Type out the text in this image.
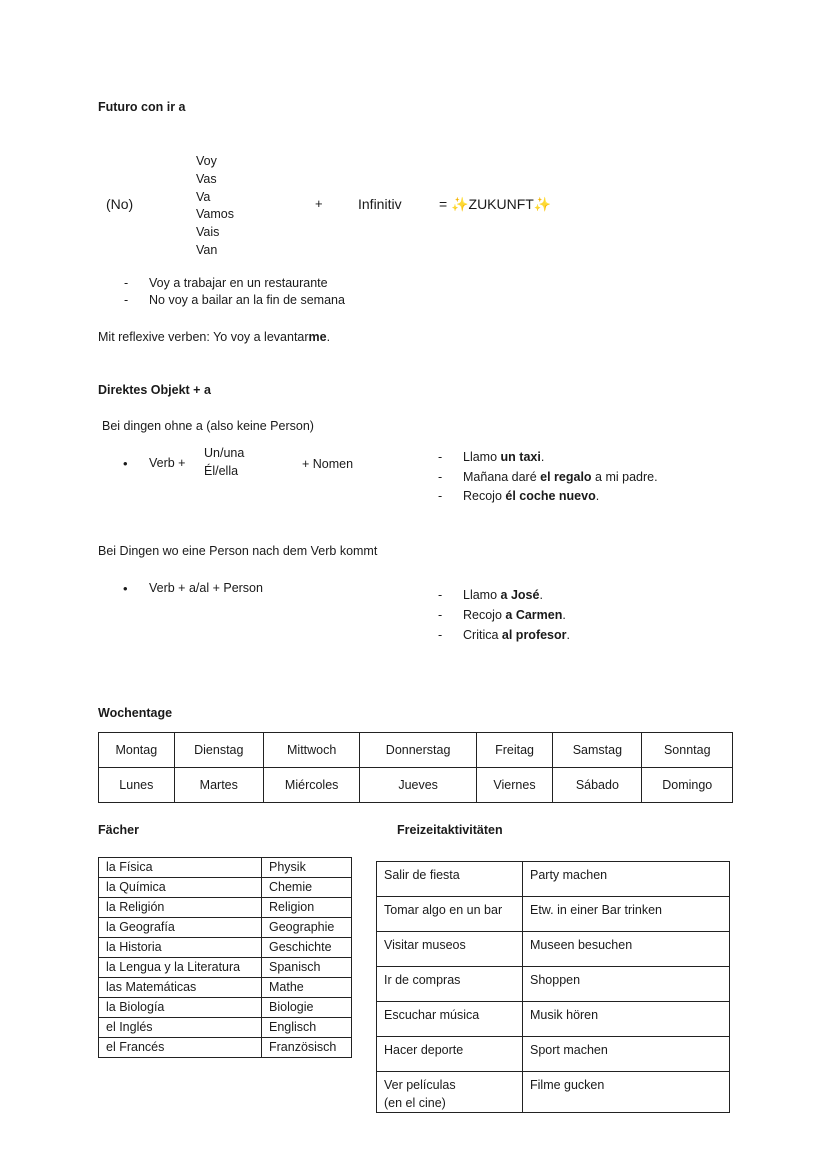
Futuro con ir a
(No)
Voy
Vas
Va
Vamos
Vais
Van
+	Infinitiv	= ✨ZUKUNFT✨
- Voy a trabajar en un restaurante
- No voy a bailar an la fin de semana
Mit reflexive verben: Yo voy a levantarme.
Direktes Objekt + a
Bei dingen ohne a (also keine Person)
• Verb +
Un/una
Él/ella	+ Nomen	- Llamo un taxi.
- Mañana daré el regalo a mi padre.
- Recojo él coche nuevo.
Bei Dingen wo eine Person nach dem Verb kommt
• Verb + a/al + Person	- Llamo a José.
- Recojo a Carmen.
- Critica al profesor.
Wochentage
Montag	Dienstag	Mittwoch	Donnerstag	Freitag	Samstag	Sonntag
Lunes	Martes	Miércoles	Jueves	Viernes	Sábado	Domingo
Fächer
la Física	Physik
la Química	Chemie
la Religión	Religion
la Geografía	Geographie
la Historia	Geschichte
la Lengua y la Literatura	Spanisch
las Matemáticas	Mathe
la Biología	Biologie
el Inglés	Englisch
el Francés	Französisch
Freizeitaktivitäten
Salir de fiesta	Party machen
Tomar algo en un bar	Etw. in einer Bar trinken
Visitar museos	Museen besuchen
Ir de compras	Shoppen
Escuchar música	Musik hören
Hacer deporte	Sport machen

Ver películas
(en el cine)	Filme gucken
